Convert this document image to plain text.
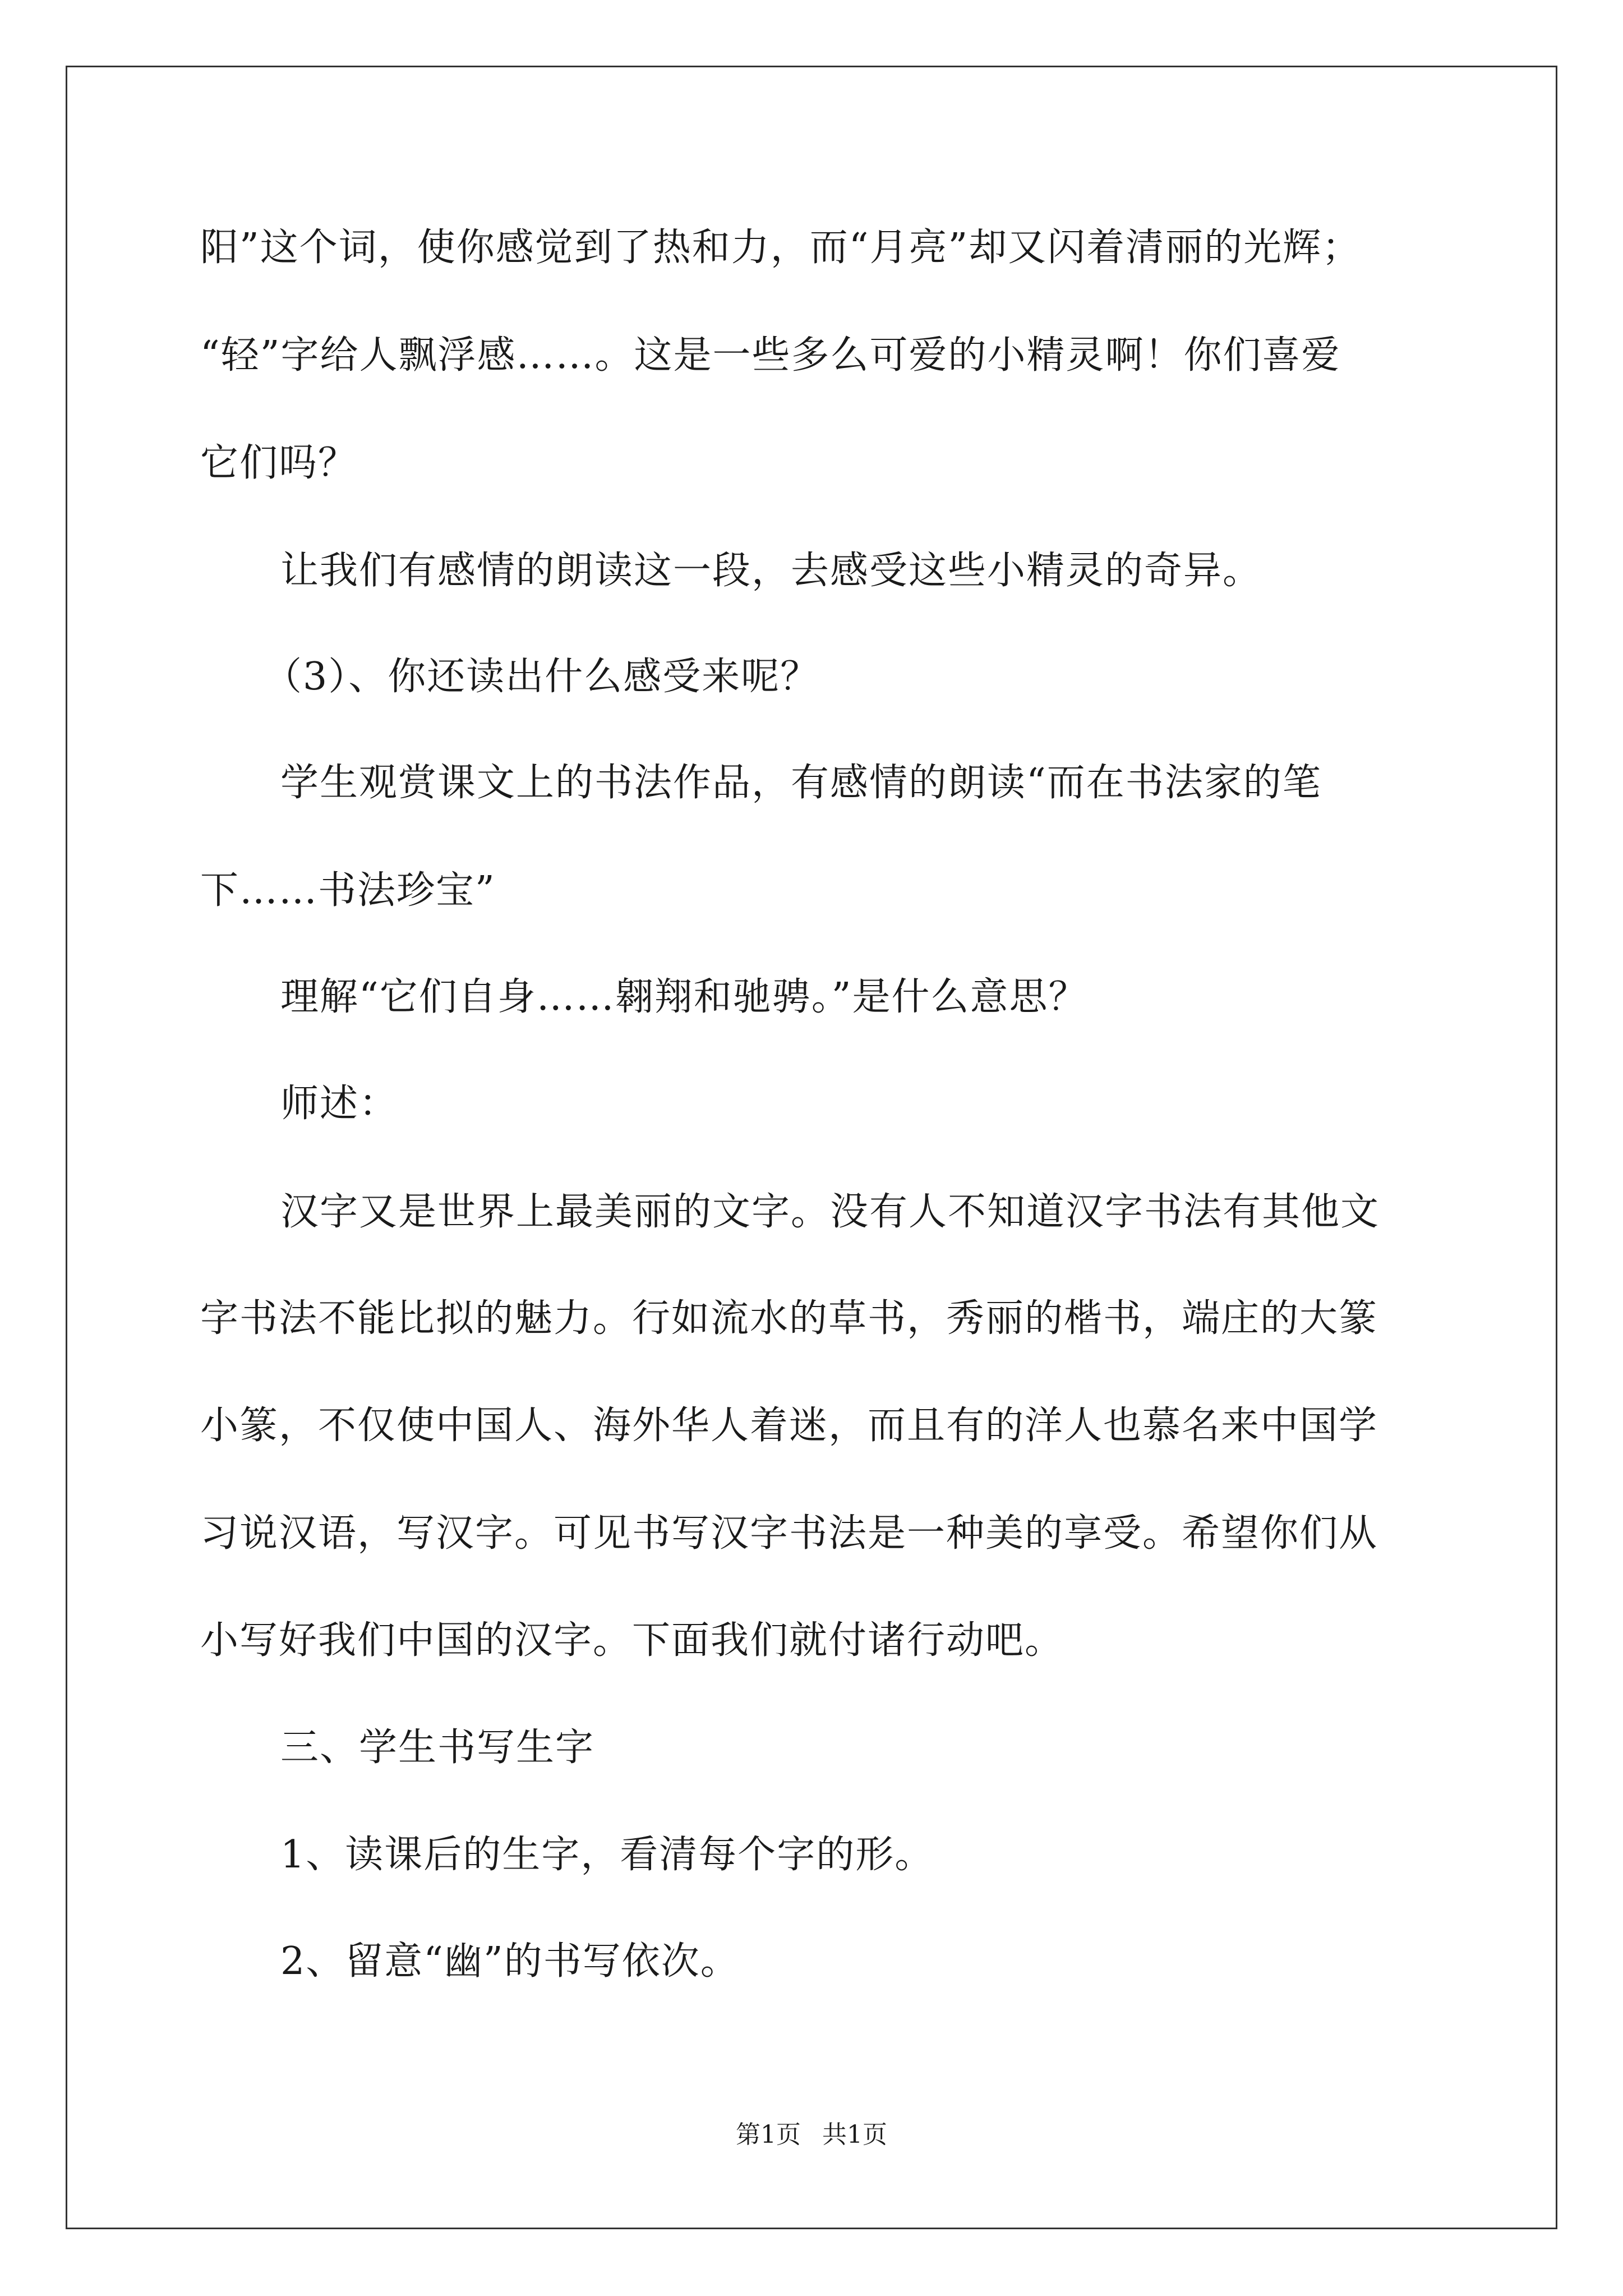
阳”这个词，使你感觉到了热和力，而“月亮”却又闪着清丽的光辉；
“轻”字给人飘浮感……。这是一些多么可爱的小精灵啊！你们喜爱
它们吗？
让我们有感情的朗读这一段，去感受这些小精灵的奇异。
（3）、你还读出什么感受来呢？
学生观赏课文上的书法作品，有感情的朗读“而在书法家的笔
下……书法珍宝”
理解“它们自身……翱翔和驰骋。”是什么意思？
师述：
汉字又是世界上最美丽的文字。没有人不知道汉字书法有其他文
字书法不能比拟的魅力。行如流水的草书，秀丽的楷书，端庄的大篆
小篆，不仅使中国人、海外华人着迷，而且有的洋人也慕名来中国学
习说汉语，写汉字。可见书写汉字书法是一种美的享受。希望你们从
小写好我们中国的汉字。下面我们就付诸行动吧。
三、学生书写生字
1、读课后的生字，看清每个字的形。
2、留意“幽”的书写依次。
第1页 共1页
